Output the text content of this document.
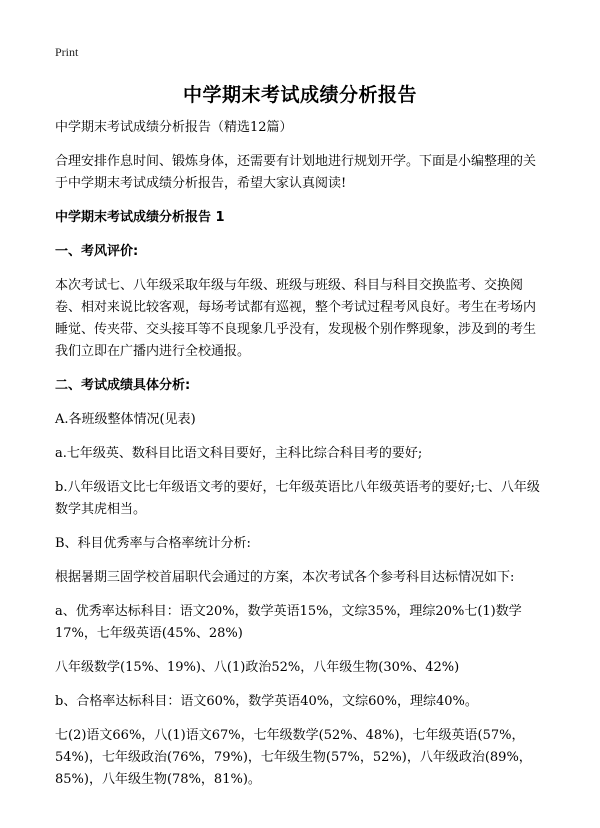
Print
中学期末考试成绩分析报告

中学期末考试成绩分析报告（精选12篇）

合理安排作息时间、锻炼身体，还需要有计划地进行规划开学。下面是小编整理的关于中学期末考试成绩分析报告，希望大家认真阅读!

中学期末考试成绩分析报告 1

一、考风评价:

本次考试七、八年级采取年级与年级、班级与班级、科目与科目交换监考、交换阅卷、相对来说比较客观，每场考试都有巡视，整个考试过程考风良好。考生在考场内睡觉、传夹带、交头接耳等不良现象几乎没有，发现极个别作弊现象，涉及到的考生我们立即在广播内进行全校通报。

二、考试成绩具体分析:

A.各班级整体情况(见表)

a.七年级英、数科目比语文科目要好，主科比综合科目考的要好;

b.八年级语文比七年级语文考的要好，七年级英语比八年级英语考的要好;七、八年级数学其虎相当。

B、科目优秀率与合格率统计分析:

根据暑期三固学校首届职代会通过的方案，本次考试各个参考科目达标情况如下:

a、优秀率达标科目：语文20%，数学英语15%，文综35%，理综20%七(1)数学17%，七年级英语(45%、28%)

八年级数学(15%、19%)、八(1)政治52%，八年级生物(30%、42%)

b、合格率达标科目：语文60%，数学英语40%，文综60%，理综40%。

七(2)语文66%，八(1)语文67%，七年级数学(52%、48%)，七年级英语(57%，54%)，七年级政治(76%，79%)，七年级生物(57%，52%)，八年级政治(89%，85%)，八年级生物(78%，81%)。
